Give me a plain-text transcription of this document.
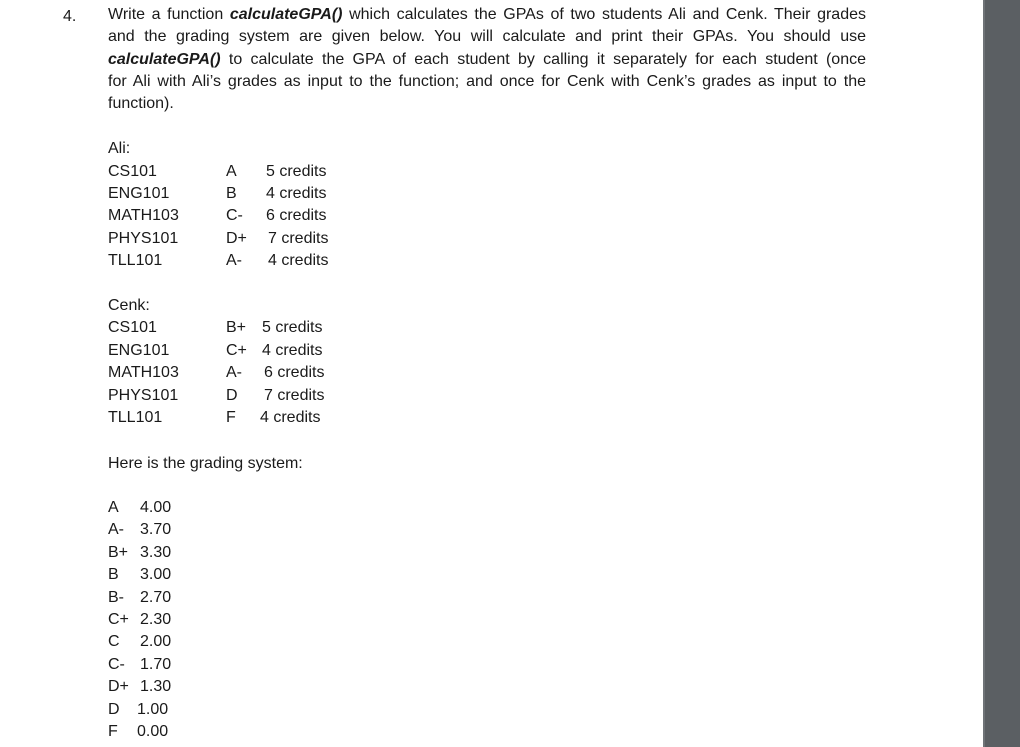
4. Write a function calculateGPA() which calculates the GPAs of two students Ali and Cenk. Their grades
and the grading system are given below. You will calculate and print their GPAs. You should use
calculateGPA() to calculate the GPA of each student by calling it separately for each student (once
for Ali with Ali’s grades as input to the function; and once for Cenk with Cenk’s grades as input to the
function).
Ali:
CS101	A 5 credits
ENG101	B 4 credits
MATH103	C- 6 credits
PHYS101	D+ 7 credits
TLL101	A- 4 credits
Cenk:
CS101	B+ 5 credits
ENG101	C+ 4 credits
MATH103	A- 6 credits
PHYS101	D 7 credits
TLL101	F 4 credits
Here is the grading system:
A 4.00
A- 3.70
B+ 3.30
B 3.00
B- 2.70
C+ 2.30
C 2.00
C- 1.70
D+ 1.30
D 1.00
F 0.00
